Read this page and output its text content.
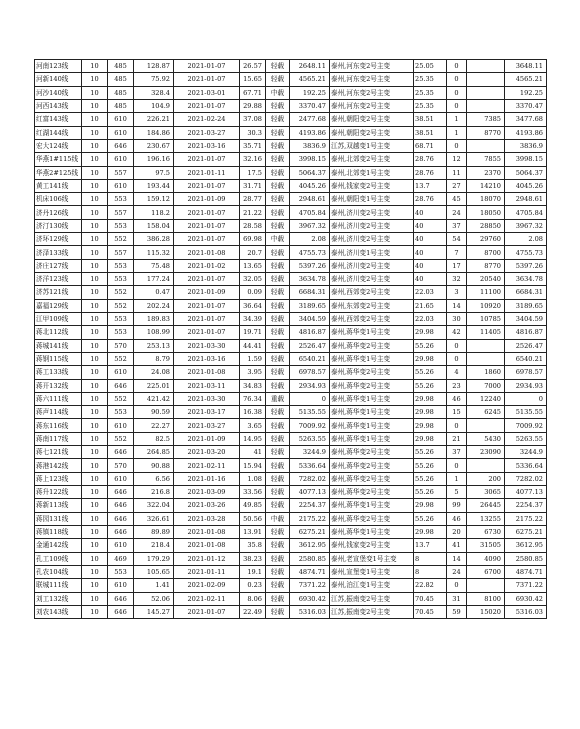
河南123线	10	485	128.87	2021-01-07	26.57	轻载	2648.11	泰州,河东变2号主变	25.05	0		3648.11
河新140线	10	485	75.92	2021-01-07	15.65	轻载	4565.21	泰州,河东变2号主变	25.35	0		4565.21
河沙140线	10	485	328.4	2021-03-01	67.71	中载	192.25	泰州,河东变2号主变	25.35	0		192.25
河西143线	10	485	104.9	2021-01-07	29.88	轻载	3370.47	泰州,河东变2号主变	25.35	0		3370.47
红富143线	10	610	226.21	2021-02-24	37.08	轻载	2477.68	泰州,朝阳变2号主变	38.51	1	7385	3477.68
红湖144线	10	610	184.86	2021-03-27	30.3	轻载	4193.86	泰州,朝阳变2号主变	38.51	1	8770	4193.86
宏大124线	10	646	230.67	2021-03-16	35.71	轻载	3836.9	江苏,双越变1号主变	68.71	0		3836.9
华燕1#115线	10	610	196.16	2021-01-07	32.16	轻载	3998.15	泰州,北郊变2号主变	28.76	12	7855	3998.15
华燕2#125线	10	557	97.5	2021-01-11	17.5	轻载	5064.37	泰州,北郊变1号主变	28.76	11	2370	5064.37
黄工141线	10	610	193.44	2021-01-07	31.71	轻载	4045.26	泰州,钱家变2号主变	13.7	27	14210	4045.26
机床106线	10	553	159.12	2021-01-09	28.77	轻载	2948.61	泰州,朝阳变1号主变	28.76	45	18070	2948.61
济丹126线	10	557	118.2	2021-01-07	21.22	轻载	4705.84	泰州,济川变2号主变	40	24	18050	4705.84
济汀130线	10	553	158.04	2021-01-07	28.58	轻载	3967.32	泰州,济川变2号主变	40	37	28850	3967.32
济环129线	10	552	386.28	2021-01-07	69.98	中载	2.08	泰州,济川变2号主变	40	54	29760	2.08
济泽133线	10	557	115.32	2021-01-08	20.7	轻载	4755.73	泰州,济川变1号主变	40	7	8700	4755.73
济庄127线	10	553	75.48	2021-01-02	13.65	轻载	5397.26	泰州,济川变2号主变	40	17	8770	5397.26
济洋123线	10	553	177.24	2021-01-07	32.05	轻载	3634.78	泰州,济川变2号主变	40	32	20540	3634.78
济苏121线	10	552	0.47	2021-01-09	0.09	轻载	6684.31	泰州,西郊变2号主变	22.03	3	11100	6684.31
嘉福129线	10	552	202.24	2021-01-07	36.64	轻载	3189.65	泰州,东郊变2号主变	21.65	14	10920	3189.65
江甲109线	10	553	189.83	2021-01-07	34.39	轻载	3404.59	泰州,西郊变2号主变	22.03	30	10785	3404.59
蒋北112线	10	553	108.99	2021-01-07	19.71	轻载	4816.87	泰州,蒋华变1号主变	29.98	42	11405	4816.87
蒋城141线	10	570	253.13	2021-03-30	44.41	轻载	2526.47	泰州,蒋华变2号主变	55.26	0		2526.47
蒋钢115线	10	552	8.79	2021-03-16	1.59	轻载	6540.21	泰州,蒋华变1号主变	29.98	0		6540.21
蒋工133线	10	610	24.08	2021-01-08	3.95	轻载	6978.57	泰州,蒋华变2号主变	55.26	4	1860	6978.57
蒋开132线	10	646	225.01	2021-03-11	34.83	轻载	2934.93	泰州,蒋华变2号主变	55.26	23	7000	2934.93
蒋六111线	10	552	421.42	2021-03-30	76.34	重载	0	泰州,蒋华变1号主变	29.98	46	12240	0
蒋声114线	10	553	90.59	2021-03-17	16.38	轻载	5135.55	泰州,蒋华变1号主变	29.98	15	6245	5135.55
蒋东116线	10	610	22.27	2021-03-27	3.65	轻载	7009.92	泰州,蒋华变1号主变	29.98	0		7009.92
蒋南117线	10	552	82.5	2021-01-09	14.95	轻载	5263.55	泰州,蒋华变1号主变	29.98	21	5430	5263.55
蒋七121线	10	646	264.85	2021-03-20	41	轻载	3244.9	泰州,蒋华变2号主变	55.26	37	23090	3244.9
蒋港142线	10	570	90.88	2021-02-11	15.94	轻载	5336.64	泰州,蒋华变2号主变	55.26	0		5336.64
蒋上123线	10	610	6.56	2021-01-16	1.08	轻载	7282.02	泰州,蒋华变2号主变	55.26	1	200	7282.02
蒋升122线	10	646	216.8	2021-03-09	33.56	轻载	4077.13	泰州,蒋华变2号主变	55.26	5	3065	4077.13
蒋新113线	10	646	322.04	2021-03-26	49.85	轻载	2254.37	泰州,蒋华变1号主变	29.98	99	26445	2254.37
蒋园131线	10	646	326.61	2021-03-28	50.56	中载	2175.22	泰州,蒋华变2号主变	55.26	46	13255	2175.22
蒋镇118线	10	646	89.89	2021-01-08	13.91	轻载	6275.21	泰州,蒋华变1号主变	29.98	20	6730	6275.21
金通142线	10	610	218.4	2021-01-08	35.8	轻载	3612.95	泰州,钱家变2号主变	13.7	41	31505	3612.95
孔工109线	10	469	179.29	2021-01-12	38.23	轻载	2580.85	泰州,老宣堡变1号主变	8	14	4090	2580.85
孔农104线	10	553	105.65	2021-01-11	19.1	轻载	4874.71	泰州,宣堡变1号主变	8	24	6700	4874.71
联城111线	10	610	1.41	2021-02-09	0.23	轻载	7371.22	泰州,泊江变1号主变	22.82	0		7371.22
刘工132线	10	646	52.06	2021-02-11	8.06	轻载	6930.42	江苏,振南变2号主变	70.45	31	8100	6930.42
刘农143线	10	646	145.27	2021-01-07	22.49	轻载	5316.03	江苏,振南变2号主变	70.45	59	15020	5316.03
